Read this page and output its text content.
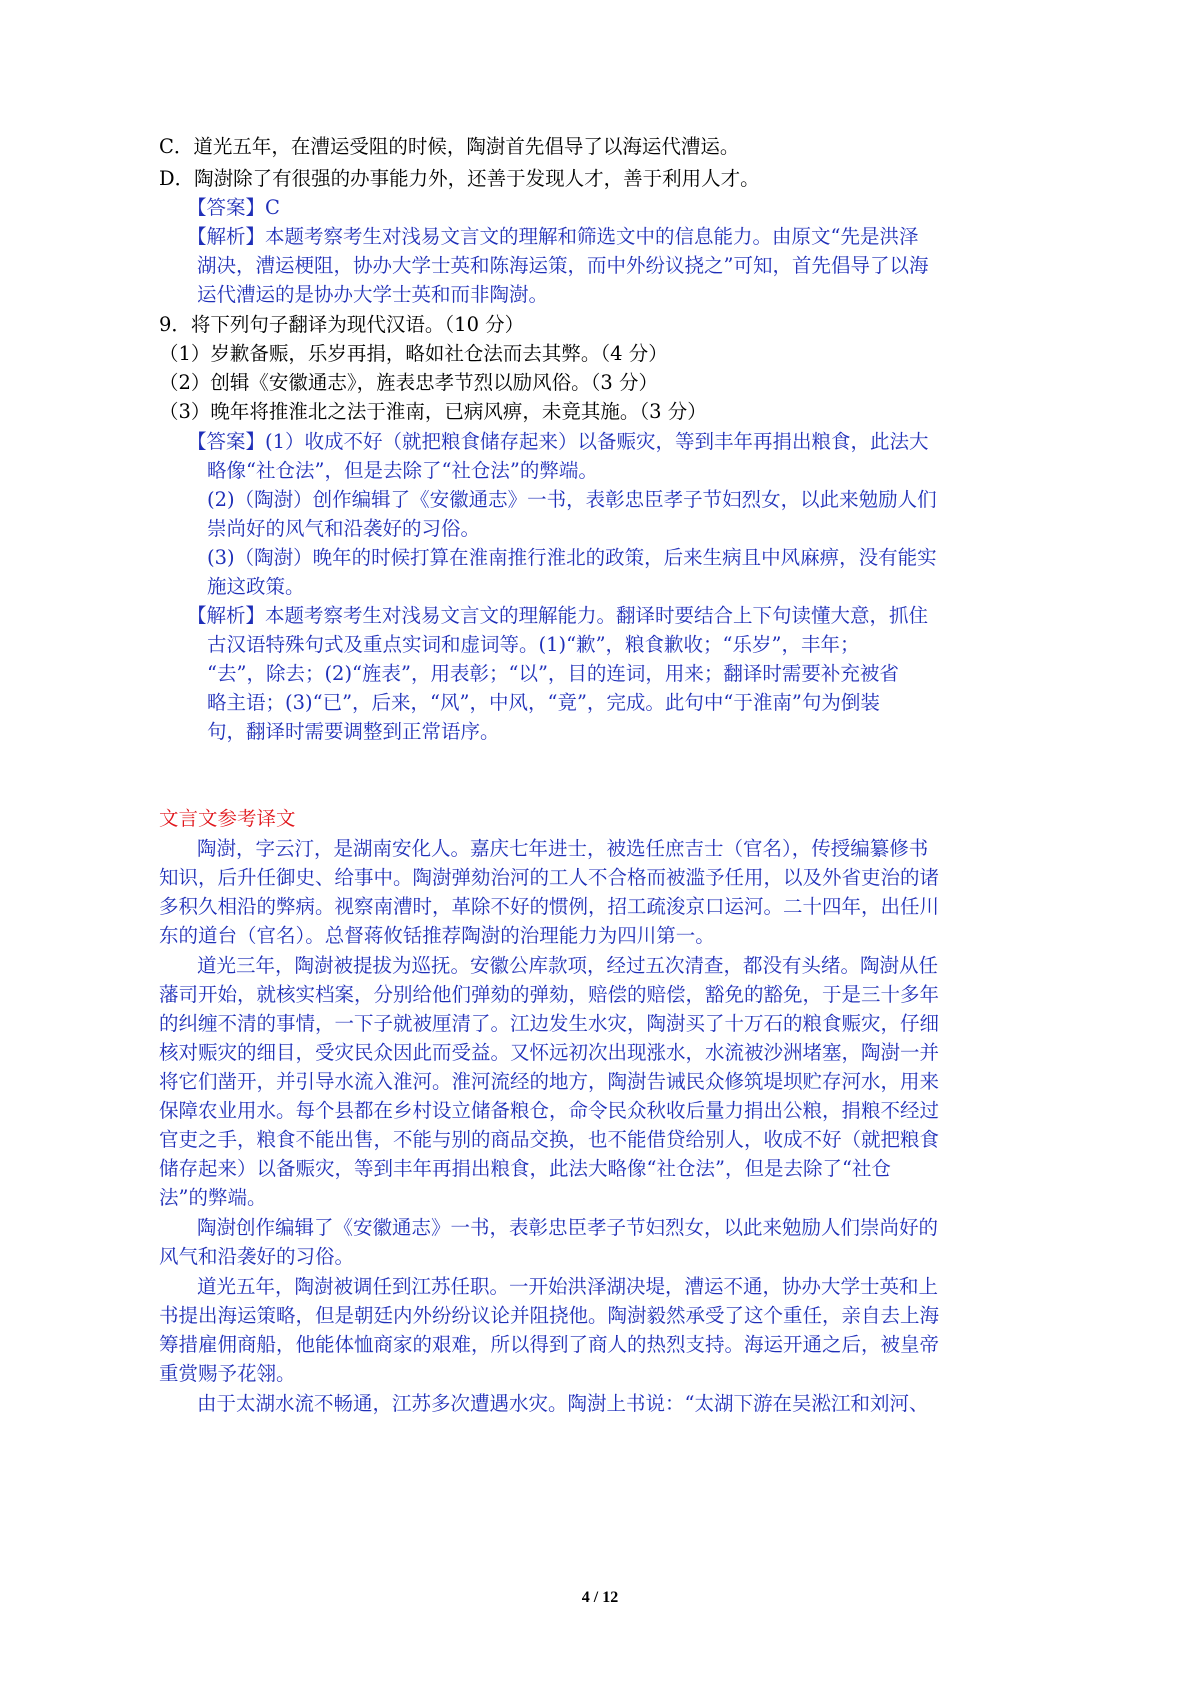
C．道光五年，在漕运受阻的时候，陶澍首先倡导了以海运代漕运。
D．陶澍除了有很强的办事能力外，还善于发现人才，善于利用人才。
【答案】C
【解析】本题考察考生对浅易文言文的理解和筛选文中的信息能力。由原文“先是洪泽
湖决，漕运梗阻，协办大学士英和陈海运策，而中外纷议挠之”可知，首先倡导了以海
运代漕运的是协办大学士英和而非陶澍。
9．将下列句子翻译为现代汉语。（10 分）
（1）岁歉备赈，乐岁再捐，略如社仓法而去其弊。（4 分）
（2）创辑《安徽通志》，旌表忠孝节烈以励风俗。（3 分）
（3）晚年将推淮北之法于淮南，已病风痹，未竟其施。（3 分）
【答案】(1）收成不好（就把粮食储存起来）以备赈灾，等到丰年再捐出粮食，此法大
略像“社仓法”，但是去除了“社仓法”的弊端。
(2)（陶澍）创作编辑了《安徽通志》一书，表彰忠臣孝子节妇烈女，以此来勉励人们
崇尚好的风气和沿袭好的习俗。
(3)（陶澍）晚年的时候打算在淮南推行淮北的政策，后来生病且中风麻痹，没有能实
施这政策。
【解析】本题考察考生对浅易文言文的理解能力。翻译时要结合上下句读懂大意，抓住
古汉语特殊句式及重点实词和虚词等。(1)“歉”，粮食歉收；“乐岁”，丰年；
“去”，除去；(2)“旌表”，用表彰；“以”，目的连词，用来；翻译时需要补充被省
略主语；(3)“已”，后来，“风”，中风，“竟”，完成。此句中“于淮南”句为倒装
句，翻译时需要调整到正常语序。
文言文参考译文
陶澍，字云汀，是湖南安化人。嘉庆七年进士，被选任庶吉士（官名），传授编纂修书
知识，后升任御史、给事中。陶澍弹劾治河的工人不合格而被滥予任用，以及外省吏治的诸
多积久相沿的弊病。视察南漕时，革除不好的惯例，招工疏浚京口运河。二十四年，出任川
东的道台（官名）。总督蒋攸铦推荐陶澍的治理能力为四川第一。
道光三年，陶澍被提拔为巡抚。安徽公库款项，经过五次清查，都没有头绪。陶澍从任
藩司开始，就核实档案，分别给他们弹劾的弹劾，赔偿的赔偿，豁免的豁免，于是三十多年
的纠缠不清的事情，一下子就被厘清了。江边发生水灾，陶澍买了十万石的粮食赈灾，仔细
核对赈灾的细目，受灾民众因此而受益。又怀远初次出现涨水，水流被沙洲堵塞，陶澍一并
将它们凿开，并引导水流入淮河。淮河流经的地方，陶澍告诫民众修筑堤坝贮存河水，用来
保障农业用水。每个县都在乡村设立储备粮仓，命令民众秋收后量力捐出公粮，捐粮不经过
官吏之手，粮食不能出售，不能与别的商品交换，也不能借贷给别人，收成不好（就把粮食
储存起来）以备赈灾，等到丰年再捐出粮食，此法大略像“社仓法”，但是去除了“社仓
法”的弊端。
陶澍创作编辑了《安徽通志》一书，表彰忠臣孝子节妇烈女，以此来勉励人们崇尚好的
风气和沿袭好的习俗。
道光五年，陶澍被调任到江苏任职。一开始洪泽湖决堤，漕运不通，协办大学士英和上
书提出海运策略，但是朝廷内外纷纷议论并阻挠他。陶澍毅然承受了这个重任，亲自去上海
筹措雇佣商船，他能体恤商家的艰难，所以得到了商人的热烈支持。海运开通之后，被皇帝
重赏赐予花翎。
由于太湖水流不畅通，江苏多次遭遇水灾。陶澍上书说：“太湖下游在吴淞江和刘河、
4 / 12
